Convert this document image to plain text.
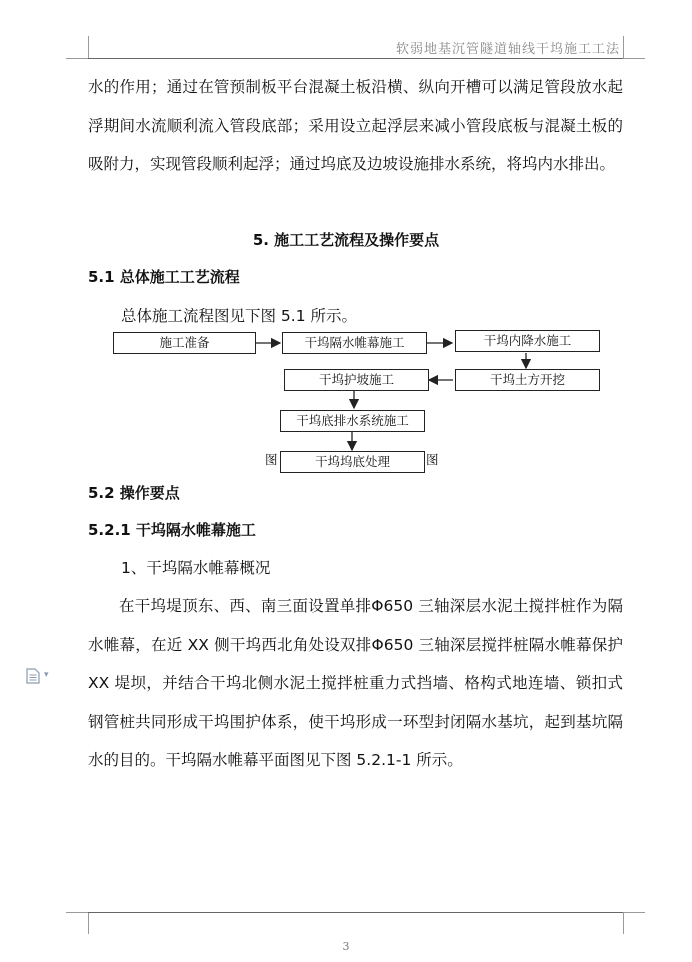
软弱地基沉管隧道轴线干坞施工工法
水的作用；通过在管预制板平台混凝土板沿横、纵向开槽可以满足管段放水起浮期间水流顺利流入管段底部；采用设立起浮层来减小管段底板与混凝土板的吸附力，实现管段顺利起浮；通过坞底及边坡设施排水系统，将坞内水排出。
5. 施工工艺流程及操作要点
5.1 总体施工工艺流程
总体施工流程图见下图 5.1 所示。
施工准备	干坞隔水帷幕施工	干坞内降水施工
干坞土方开挖
干坞护坡施工
干坞底排水系统施工
干坞坞底处理
图	图
5.2 操作要点
5.2.1 干坞隔水帷幕施工
1、干坞隔水帷幕概况
在干坞堤顶东、西、南三面设置单排Φ650 三轴深层水泥土搅拌桩作为隔水帷幕，在近 XX 侧干坞西北角处设双排Φ650 三轴深层搅拌桩隔水帷幕保护 XX 堤坝，并结合干坞北侧水泥土搅拌桩重力式挡墙、格构式地连墙、锁扣式钢管桩共同形成干坞围护体系，使干坞形成一环型封闭隔水基坑，起到基坑隔水的目的。干坞隔水帷幕平面图见下图 5.2.1-1 所示。
▾
3
